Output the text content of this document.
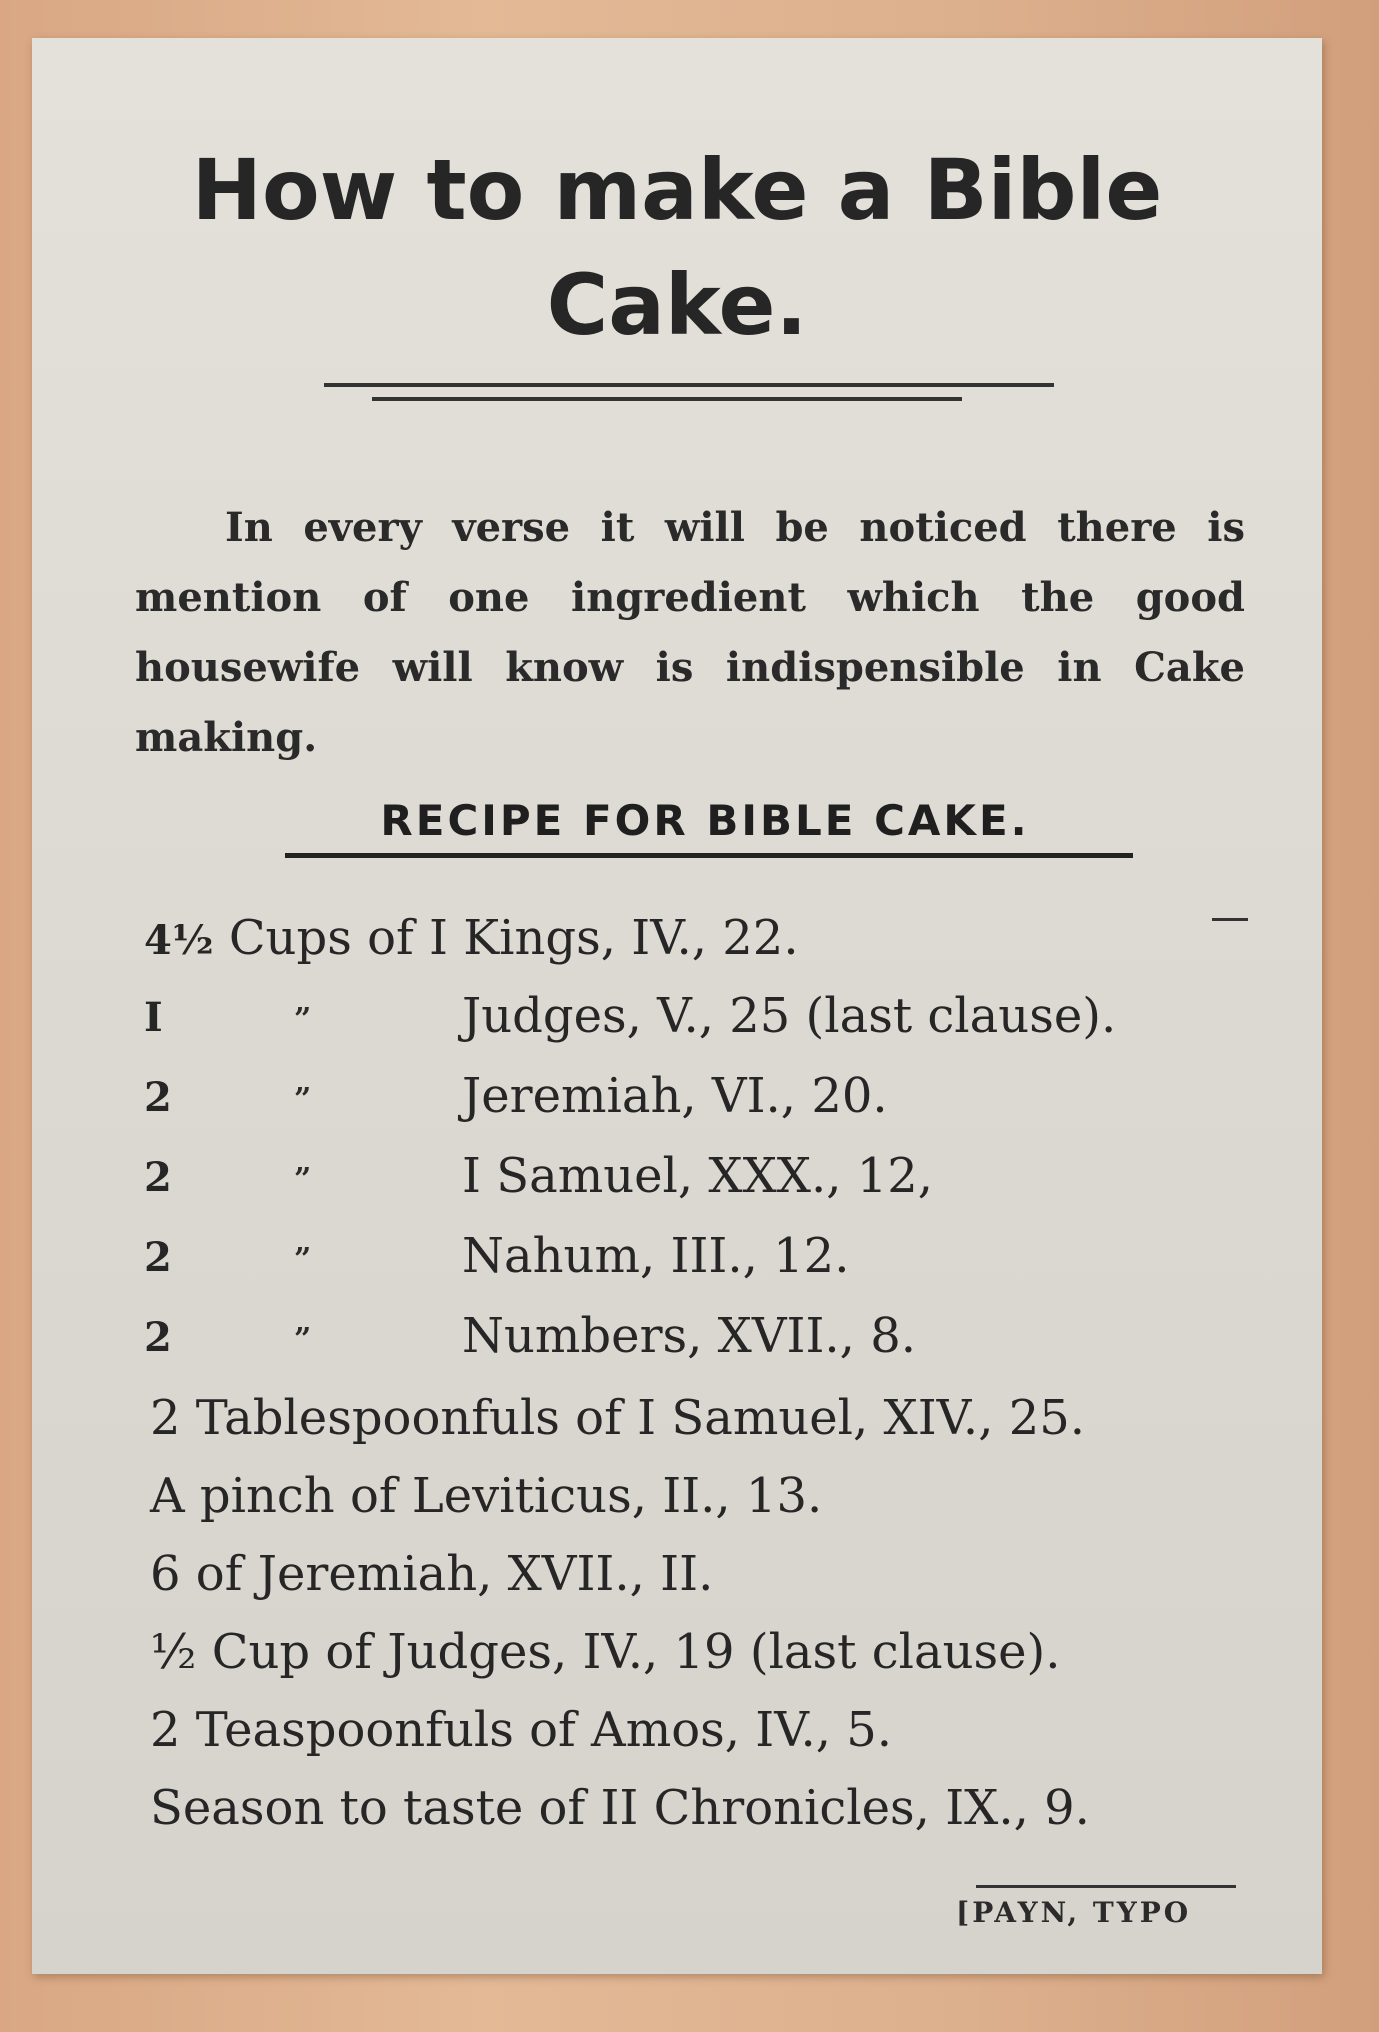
How to make a Bible
Cake.
In every verse it will be noticed there is mention of one ingredient which the good housewife will know is indispensible in Cake making.
RECIPE FOR BIBLE CAKE.
4½ Cups of I Kings, IV., 22.
I	”	Judges, V., 25 (last clause).
2	”	Jeremiah, VI., 20.
2	”	I Samuel, XXX., 12,
2	”	Nahum, III., 12.
2	”	Numbers, XVII., 8.
2 Tablespoonfuls of I Samuel, XIV., 25.
A pinch of Leviticus, II., 13.
6 of Jeremiah, XVII., II.
½ Cup of Judges, IV., 19 (last clause).
2 Teaspoonfuls of Amos, IV., 5.
Season to taste of II Chronicles, IX., 9.
[PAYN, TYPO
